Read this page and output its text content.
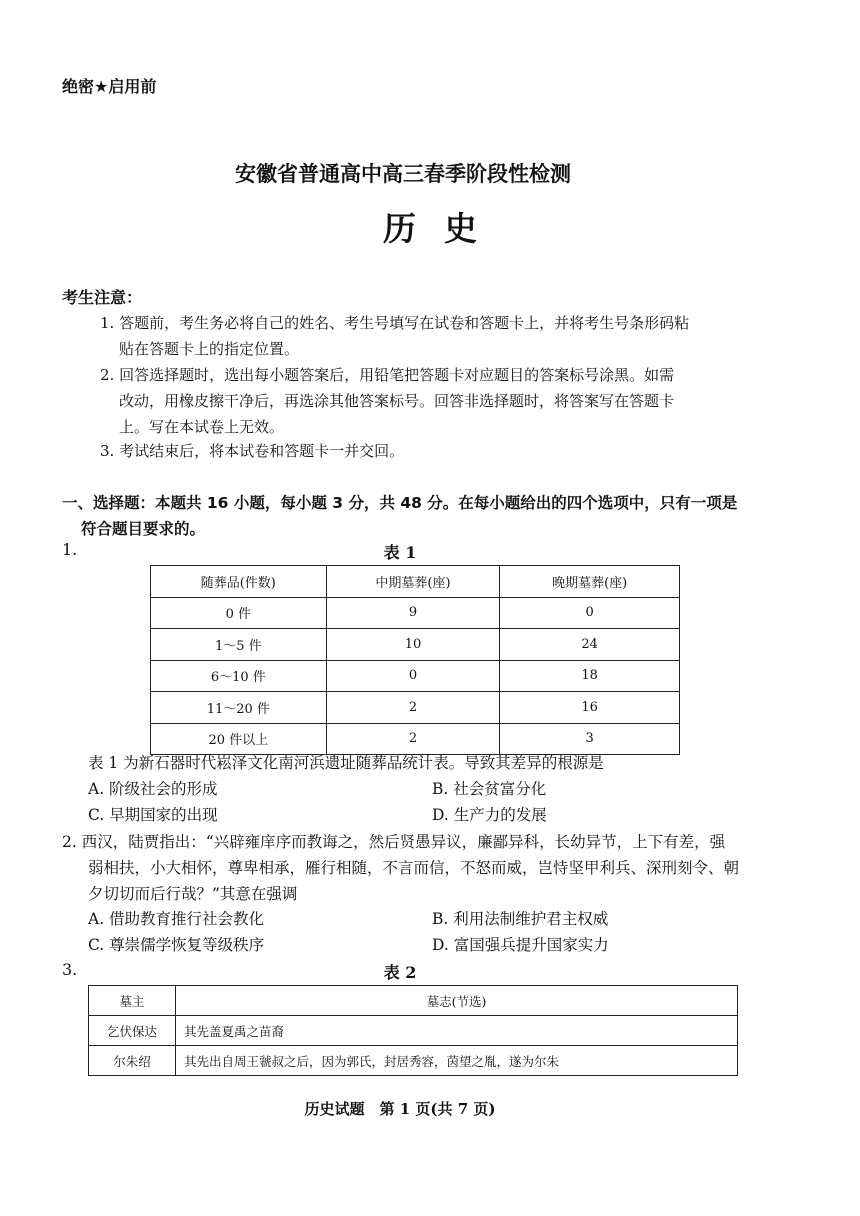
绝密★启用前
安徽省普通高中高三春季阶段性检测
历史
考生注意：
1. 答题前，考生务必将自己的姓名、考生号填写在试卷和答题卡上，并将考生号条形码粘
贴在答题卡上的指定位置。
2. 回答选择题时，选出每小题答案后，用铅笔把答题卡对应题目的答案标号涂黑。如需
改动，用橡皮擦干净后，再选涂其他答案标号。回答非选择题时，将答案写在答题卡
上。写在本试卷上无效。
3. 考试结束后，将本试卷和答题卡一并交回。
一、选择题：本题共 16 小题，每小题 3 分，共 48 分。在每小题给出的四个选项中，只有一项是
符合题目要求的。
1.	表 1
随葬品(件数)	中期墓葬(座)	晚期墓葬(座)
0 件	9	0
1～5 件	10	24
6～10 件	0	18
11～20 件	2	16
20 件以上	2	3
表 1 为新石器时代崧泽文化南河浜遗址随葬品统计表。导致其差异的根源是
A. 阶级社会的形成	B. 社会贫富分化
C. 早期国家的出现	D. 生产力的发展
2. 西汉，陆贾指出：“兴辟雍庠序而教诲之，然后贤愚异议，廉鄙异科，长幼异节，上下有差，强
弱相扶，小大相怀，尊卑相承，雁行相随，不言而信，不怒而威，岂恃坚甲利兵、深刑刻令、朝
夕切切而后行哉？”其意在强调
A. 借助教育推行社会教化	B. 利用法制维护君主权威
C. 尊崇儒学恢复等级秩序	D. 富国强兵提升国家实力
3.	表 2
墓主	墓志(节选)
乞伏保达	其先盖夏禹之苗裔
尔朱绍	其先出自周王虢叔之后，因为郭氏，封居秀容，茵望之胤，遂为尔朱
历史试题　第 1 页(共 7 页)
